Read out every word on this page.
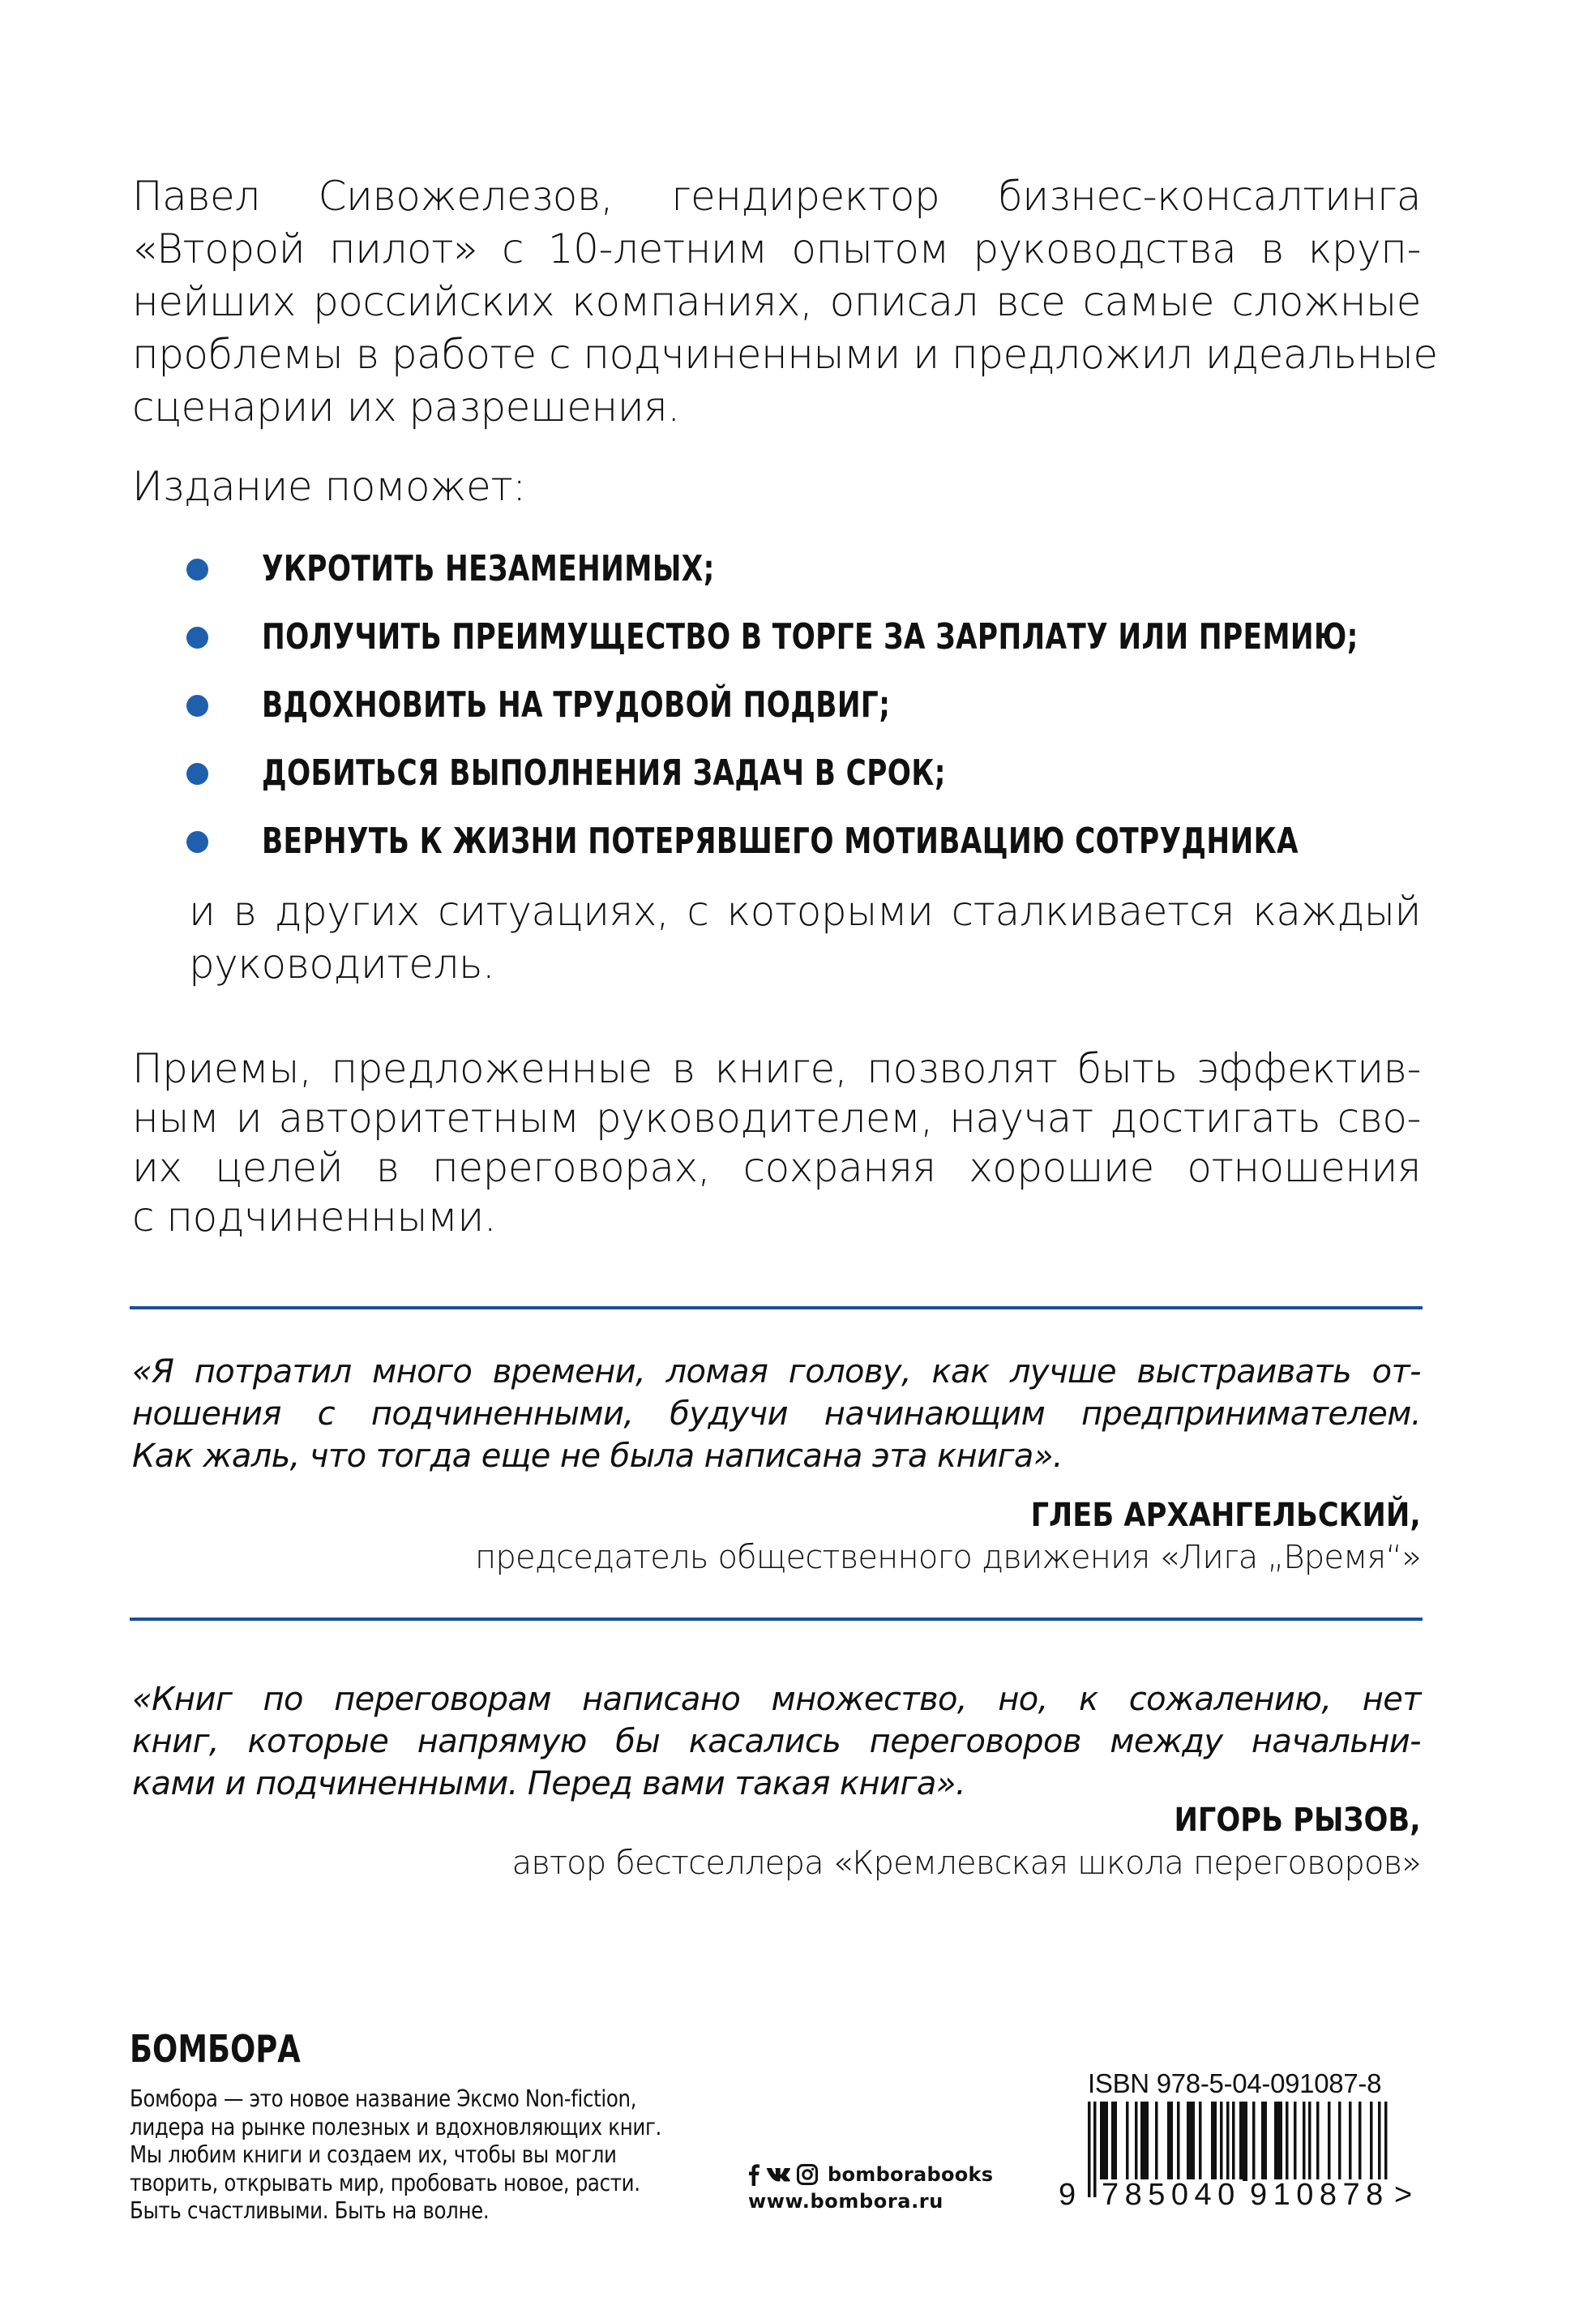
Павел Сивожелезов, гендиректор бизнес-консалтинга
«Второй пилот» с 10-летним опытом руководства в круп-
нейших российских компаниях, описал все самые сложные
проблемы в работе с подчиненными и предложил идеальные
сценарии их разрешения.
Издание поможет:
УКРОТИТЬ НЕЗАМЕНИМЫХ;
ПОЛУЧИТЬ ПРЕИМУЩЕСТВО В ТОРГЕ ЗА ЗАРПЛАТУ ИЛИ ПРЕМИЮ;
ВДОХНОВИТЬ НА ТРУДОВОЙ ПОДВИГ;
ДОБИТЬСЯ ВЫПОЛНЕНИЯ ЗАДАЧ В СРОК;
ВЕРНУТЬ К ЖИЗНИ ПОТЕРЯВШЕГО МОТИВАЦИЮ СОТРУДНИКА
и в других ситуациях, с которыми сталкивается каждый
руководитель.
Приемы, предложенные в книге, позволят быть эффектив-
ным и авторитетным руководителем, научат достигать сво-
их целей в переговорах, сохраняя хорошие отношения
с подчиненными.
«Я потратил много времени, ломая голову, как лучше выстраивать от-
ношения с подчиненными, будучи начинающим предпринимателем.
Как жаль, что тогда еще не была написана эта книга».
ГЛЕБ АРХАНГЕЛЬСКИЙ,
председатель общественного движения «Лига „Время“»
«Книг по переговорам написано множество, но, к сожалению, нет
книг, которые напрямую бы касались переговоров между начальни-
ками и подчиненными. Перед вами такая книга».
ИГОРЬ РЫЗОВ,
автор бестселлера «Кремлевская школа переговоров»
БОМБОРА
Бомбора — это новое название Эксмо Non-fiction,
лидера на рынке полезных и вдохновляющих книг.
Мы любим книги и создаем их, чтобы вы могли
творить, открывать мир, пробовать новое, расти.
Быть счастливыми. Быть на волне.
bomborabooks
www.bombora.ru
ISBN 978-5-04-091087-8
9 785040 910878 >
